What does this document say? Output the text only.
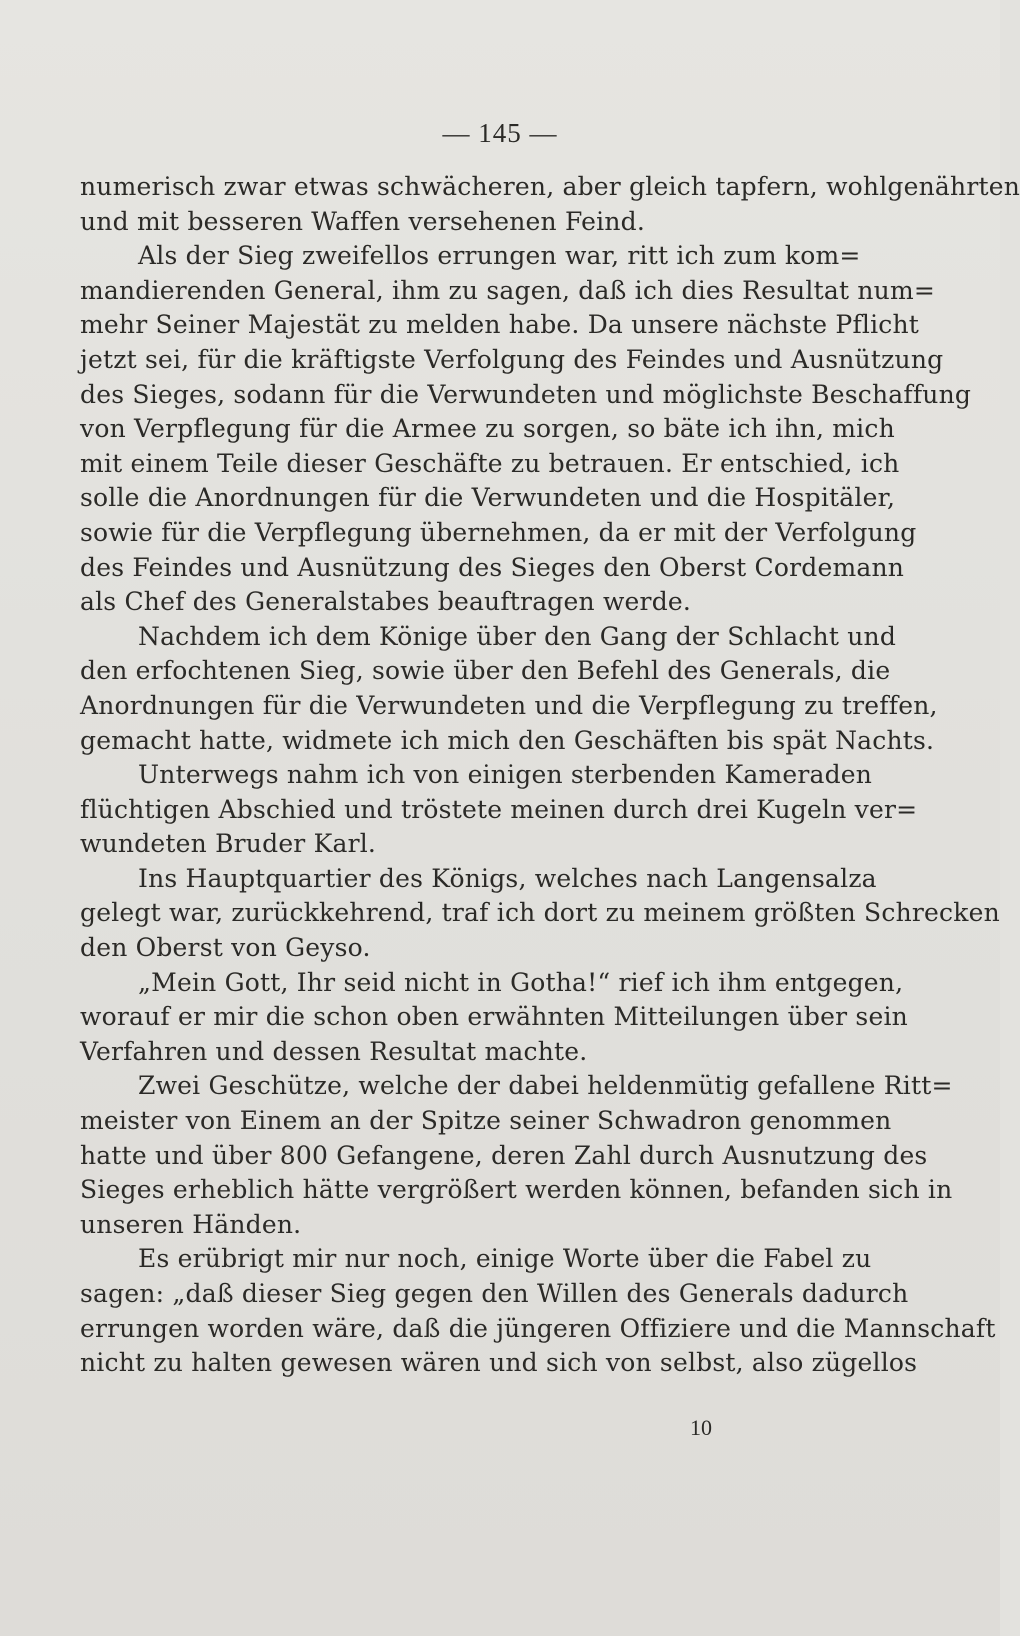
— 145 —
numerisch zwar etwas schwächeren, aber gleich tapfern, wohlgenährten
und mit besseren Waffen versehenen Feind.
Als der Sieg zweifellos errungen war, ritt ich zum kom=
mandierenden General, ihm zu sagen, daß ich dies Resultat num=
mehr Seiner Majestät zu melden habe. Da unsere nächste Pflicht
jetzt sei, für die kräftigste Verfolgung des Feindes und Ausnützung
des Sieges, sodann für die Verwundeten und möglichste Beschaffung
von Verpflegung für die Armee zu sorgen, so bäte ich ihn, mich
mit einem Teile dieser Geschäfte zu betrauen. Er entschied, ich
solle die Anordnungen für die Verwundeten und die Hospitäler,
sowie für die Verpflegung übernehmen, da er mit der Verfolgung
des Feindes und Ausnützung des Sieges den Oberst Cordemann
als Chef des Generalstabes beauftragen werde.
Nachdem ich dem Könige über den Gang der Schlacht und
den erfochtenen Sieg, sowie über den Befehl des Generals, die
Anordnungen für die Verwundeten und die Verpflegung zu treffen,
gemacht hatte, widmete ich mich den Geschäften bis spät Nachts.
Unterwegs nahm ich von einigen sterbenden Kameraden
flüchtigen Abschied und tröstete meinen durch drei Kugeln ver=
wundeten Bruder Karl.
Ins Hauptquartier des Königs, welches nach Langensalza
gelegt war, zurückkehrend, traf ich dort zu meinem größten Schrecken
den Oberst von Geyso.
„Mein Gott, Ihr seid nicht in Gotha!“ rief ich ihm entgegen,
worauf er mir die schon oben erwähnten Mitteilungen über sein
Verfahren und dessen Resultat machte.
Zwei Geschütze, welche der dabei heldenmütig gefallene Ritt=
meister von Einem an der Spitze seiner Schwadron genommen
hatte und über 800 Gefangene, deren Zahl durch Ausnutzung des
Sieges erheblich hätte vergrößert werden können, befanden sich in
unseren Händen.
Es erübrigt mir nur noch, einige Worte über die Fabel zu
sagen: „daß dieser Sieg gegen den Willen des Generals dadurch
errungen worden wäre, daß die jüngeren Offiziere und die Mannschaft
nicht zu halten gewesen wären und sich von selbst, also zügellos
10
